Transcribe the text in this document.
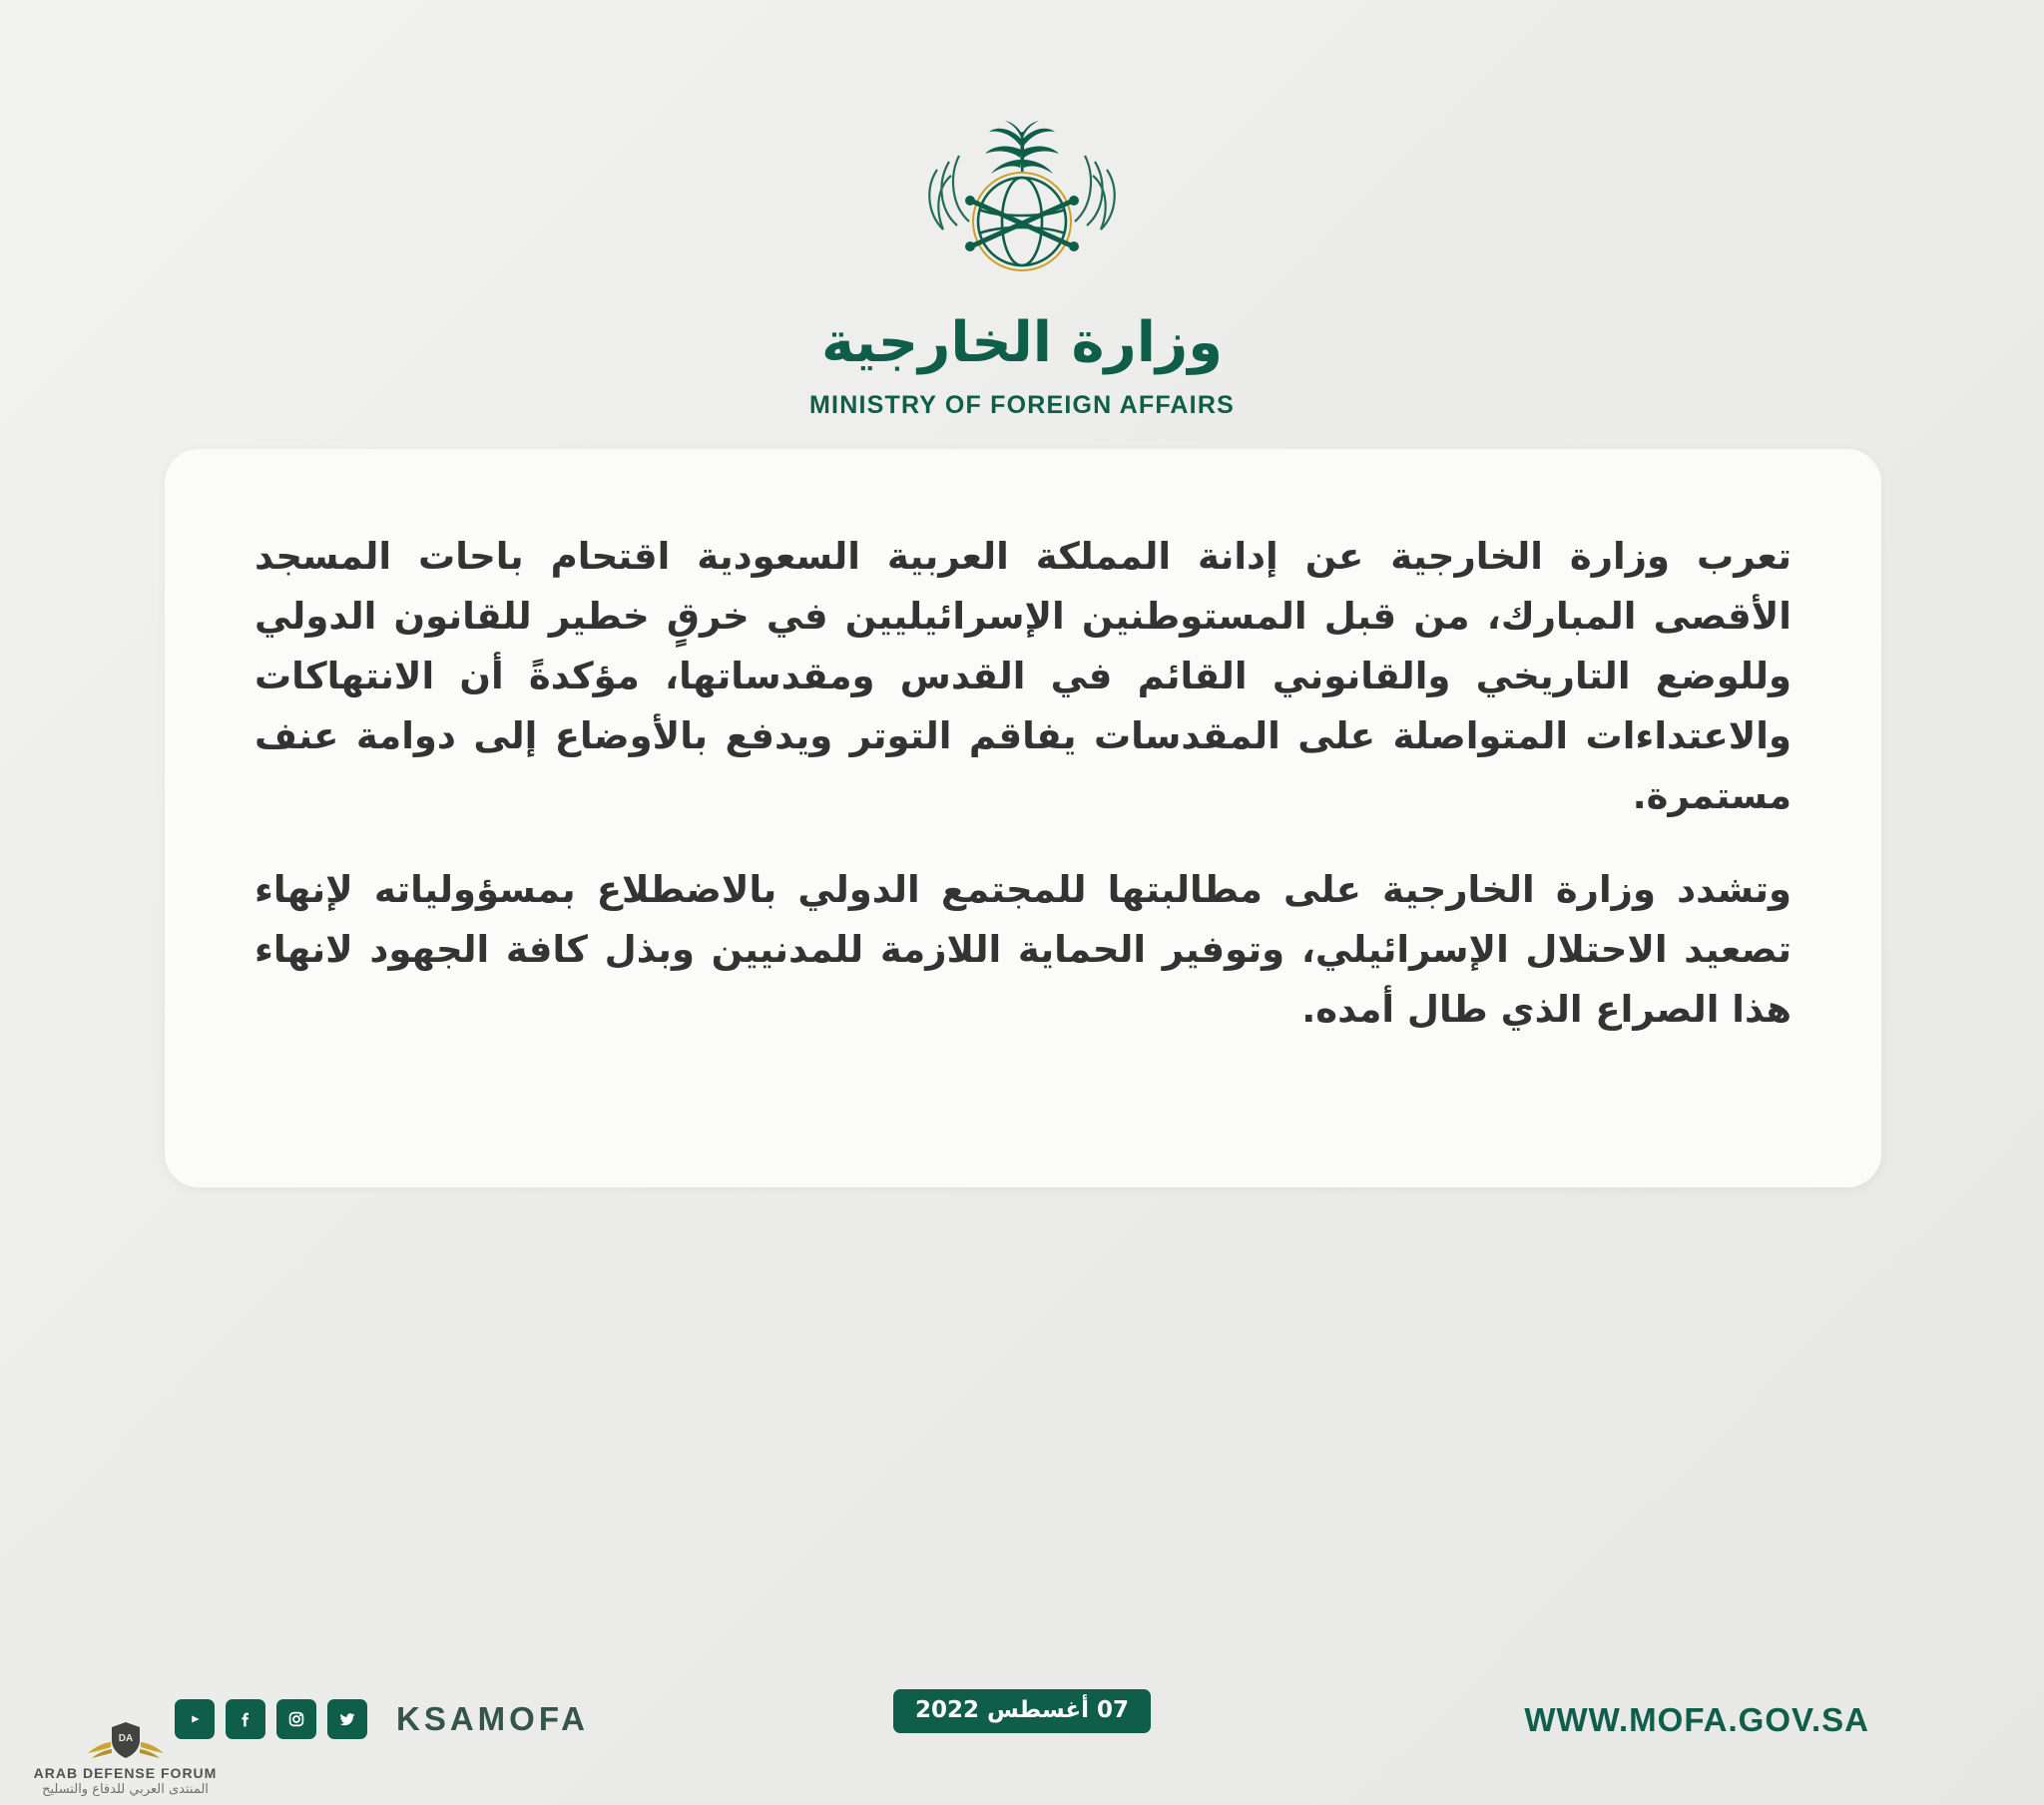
وزارة الخارجية
MINISTRY OF FOREIGN AFFAIRS

تعرب وزارة الخارجية عن إدانة المملكة العربية السعودية اقتحام باحات المسجد الأقصى المبارك، من قبل المستوطنين الإسرائيليين في خرقٍ خطير للقانون الدولي وللوضع التاريخي والقانوني القائم في القدس ومقدساتها، مؤكدةً أن الانتهاكات والاعتداءات المتواصلة على المقدسات يفاقم التوتر ويدفع بالأوضاع إلى دوامة عنف مستمرة.

وتشدد وزارة الخارجية على مطالبتها للمجتمع الدولي بالاضطلاع بمسؤولياته لإنهاء تصعيد الاحتلال الإسرائيلي، وتوفير الحماية اللازمة للمدنيين وبذل كافة الجهود لانهاء هذا الصراع الذي طال أمده.

KSAMOFA	07 أغسطس 2022	WWW.MOFA.GOV.SA
DA
ARAB DEFENSE FORUM
المنتدى العربي للدفاع والتسليح
